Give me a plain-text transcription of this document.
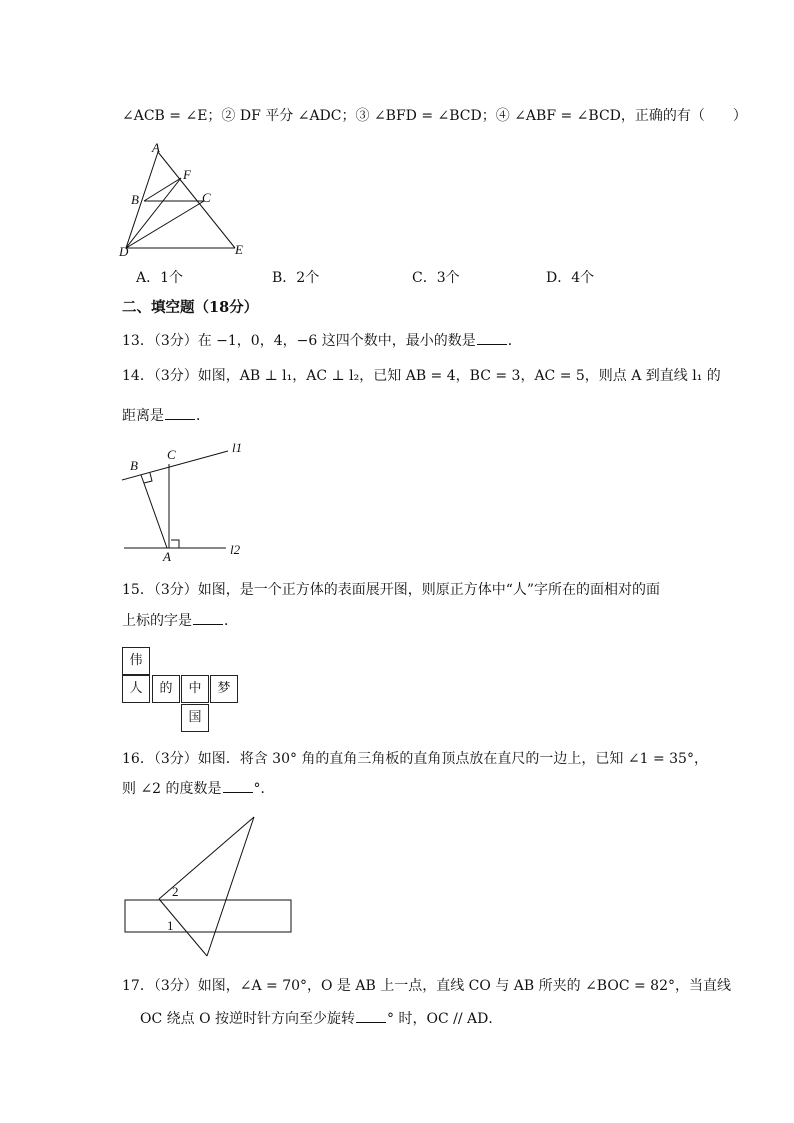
∠ACB = ∠E；② DF 平分 ∠ADC；③ ∠BFD = ∠BCD；④ ∠ABF = ∠BCD，正确的有（　　）
A
F
B	C
D	E
A．1个	B．2个	C．3个	D．4个
二、填空题（18分）
13．（3分）在 −1，0，4，−6 这四个数中，最小的数是 ．
14．（3分）如图，AB ⊥ l₁，AC ⊥ l₂，已知 AB = 4，BC = 3，AC = 5，则点 A 到直线 l₁ 的
距离是 ．
B
C
A
l1
l2
15．（3分）如图，是一个正方体的表面展开图，则原正方体中“人”字所在的面相对的面
上标的字是 ．
伟
人	的	中	梦
国
16．（3分）如图．将含 30° 角的直角三角板的直角顶点放在直尺的一边上，已知 ∠1 = 35°，
则 ∠2 的度数是 °．
2
1
17．（3分）如图，∠A = 70°，O 是 AB 上一点，直线 CO 与 AB 所夹的 ∠BOC = 82°，当直线
OC 绕点 O 按逆时针方向至少旋转 ° 时，OC // AD．
